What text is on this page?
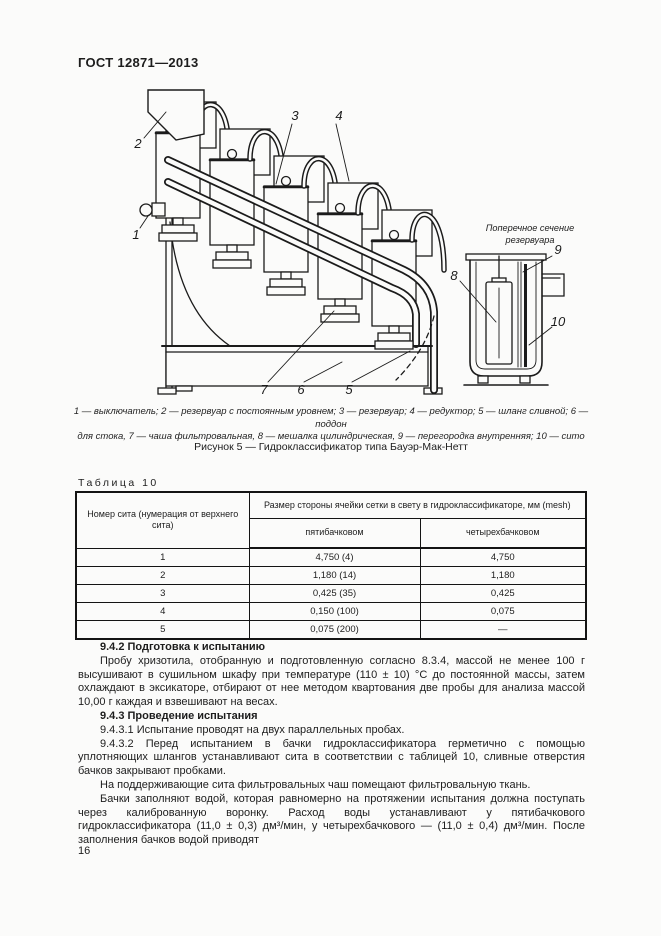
ГОСТ 12871—2013
2
1
3	4
7 6	5
Поперечное сечение
резервуара
8
9
10
1 — выключатель; 2 — резервуар с постоянным уровнем; 3 — резервуар; 4 — редуктор; 5 — шланг сливной; 6 — поддон
для стока, 7 — чаша фильтровальная, 8 — мешалка цилиндрическая, 9 — перегородка внутренняя; 10 — сито
Рисунок 5 — Гидроклассификатор типа Бауэр-Мак-Нетт
Таблица 10
Номер сита (нумерация от верхнего сита)	Размер стороны ячейки сетки в свету в гидроклассификаторе, мм (mesh)	
	пятибачковом	четырехбачковом
1	4,750 (4)	4,750
2	1,180 (14)	1,180
3	0,425 (35)	0,425
4	0,150 (100)	0,075
5	0,075 (200)	—

9.4.2 Подготовка к испытанию

Пробу хризотила, отобранную и подготовленную согласно 8.3.4, массой не менее 100 г высушивают в сушильном шкафу при температуре (110 ± 10) °С до постоянной массы, затем охлаждают в эксикаторе, отбирают от нее методом квартования две пробы для анализа массой 10,00 г каждая и взвешивают на весах.

9.4.3 Проведение испытания

9.4.3.1 Испытание проводят на двух параллельных пробах.

9.4.3.2 Перед испытанием в бачки гидроклассификатора герметично с помощью уплотняющих шлангов устанавливают сита в соответствии с таблицей 10, сливные отверстия бачков закрывают пробками.

На поддерживающие сита фильтровальных чаш помещают фильтровальную ткань.

Бачки заполняют водой, которая равномерно на протяжении испытания должна поступать через калиброванную воронку. Расход воды устанавливают у пятибачкового гидроклассификатора (11,0 ± 0,3) дм³/мин, у четырехбачкового — (11,0 ± 0,4) дм³/мин. После заполнения бачков водой приводят

16
